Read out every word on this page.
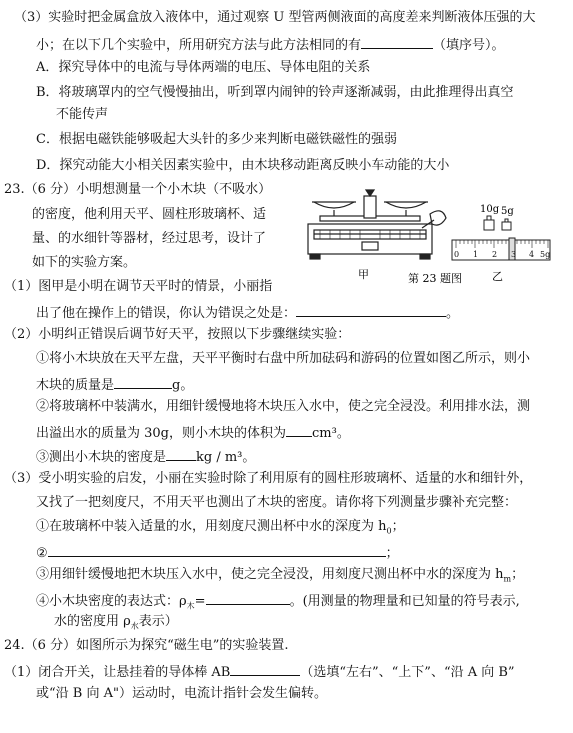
（3）实验时把金属盒放入液体中，通过观察 U 型管两侧液面的高度差来判断液体压强的大
小；在以下几个实验中，所用研究方法与此方法相同的有	（填序号）。
A．探究导体中的电流与导体两端的电压、导体电阻的关系
B．将玻璃罩内的空气慢慢抽出，听到罩内闹钟的铃声逐渐减弱，由此推理得出真空
不能传声
C．根据电磁铁能够吸起大头针的多少来判断电磁铁磁性的强弱
D．探究动能大小相关因素实验中，由木块移动距离反映小车动能的大小
23.（6 分）小明想测量一个小木块（不吸水）
的密度，他利用天平、圆柱形玻璃杯、适
量、的水细针等器材，经过思考，设计了
如下的实验方案。
10g 5g
0 1 2 3 4 5g
甲	第 23 题图	乙
（1）图甲是小明在调节天平时的情景，小丽指
出了他在操作上的错误，你认为错误之处是：	。
（2）小明纠正错误后调节好天平，按照以下步骤继续实验：
①将小木块放在天平左盘，天平平衡时右盘中所加砝码和游码的位置如图乙所示，则小
木块的质量是	g。
②将玻璃杯中装满水，用细针缓慢地将木块压入水中，使之完全浸没。利用排水法，测
出溢出水的质量为 30g，则小木块的体积为 cm³。
③测出小木块的密度是 kg / m³。
（3）受小明实验的启发，小丽在实验时除了利用原有的圆柱形玻璃杯、适量的水和细针外，
又找了一把刻度尺，不用天平也测出了木块的密度。请你将下列测量步骤补充完整：
①在玻璃杯中装入适量的水，用刻度尺测出杯中水的深度为 $h_0$；
②	；
③用细针缓慢地把木块压入水中，使之完全浸没，用刻度尺测出杯中水的深度为 $h_m$；
④小木块密度的表达式：$\rho_木=$	。(用测量的物理量和已知量的符号表示,
水的密度用 $\rho_水$表示）
24.（6 分）如图所示为探究“磁生电”的实验装置.
（1）闭合开关，让悬挂着的导体棒 AB	（选填“左右”、“上下”、“沿 A 向 B”
或“沿 B 向 A"）运动时，电流计指针会发生偏转。
